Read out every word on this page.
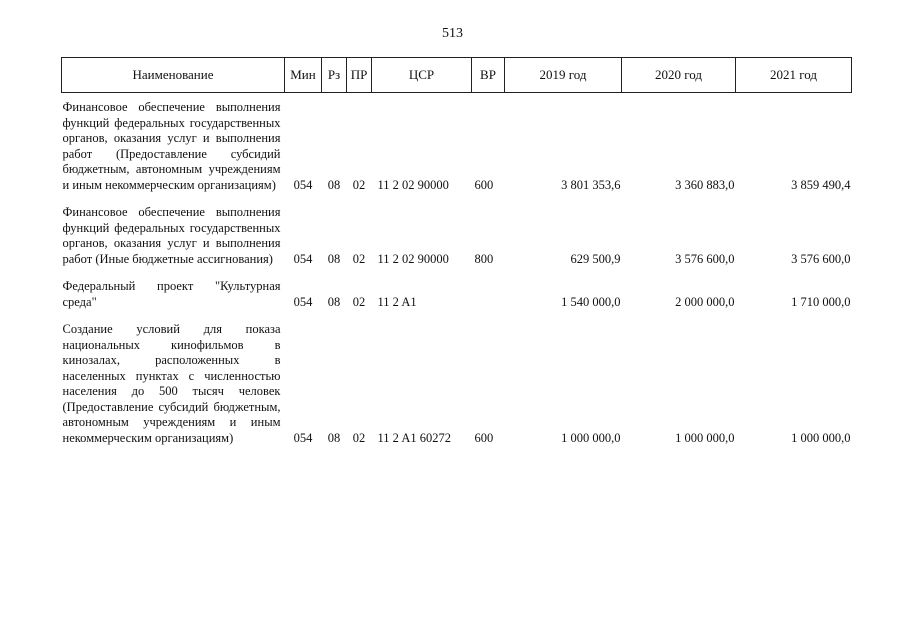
513
Наименование	Мин	Рз	ПР	ЦСР	ВР	2019 год	2020 год	2021 год
Финансовое обеспечение выполнения функций федеральных государственных органов, оказания услуг и выполнения работ (Предоставление субсидий бюджетным, автономным учреждениям и иным некоммерческим организациям)	054	08	02	11 2 02 90000	600	3 801 353,6	3 360 883,0	3 859 490,4
Финансовое обеспечение выполнения функций федеральных государственных органов, оказания услуг и выполнения работ (Иные бюджетные ассигнования)	054	08	02	11 2 02 90000	800	629 500,9	3 576 600,0	3 576 600,0
Федеральный проект "Культурная среда"	054	08	02	11 2 A1		1 540 000,0	2 000 000,0	1 710 000,0
Создание условий для показа национальных кинофильмов в кинозалах, расположенных в населенных пунктах с численностью населения до 500 тысяч человек (Предоставление субсидий бюджетным, автономным учреждениям и иным некоммерческим организациям)	054	08	02	11 2 A1 60272	600	1 000 000,0	1 000 000,0	1 000 000,0
